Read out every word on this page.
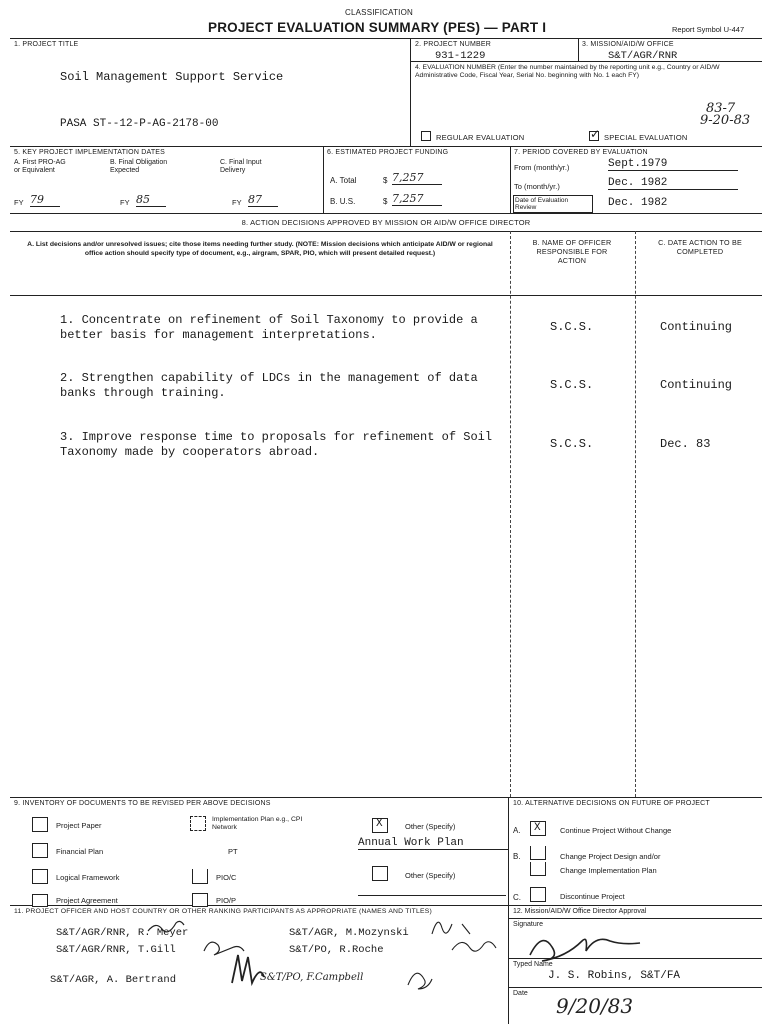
CLASSIFICATION
PROJECT EVALUATION SUMMARY (PES) — PART I	Report Symbol U-447
1. PROJECT TITLE
Soil Management Support Service
PASA ST--12-P-AG-2178-00
2. PROJECT NUMBER
931-1229
3. MISSION/AID/W OFFICE
S&T/AGR/RNR
4. EVALUATION NUMBER (Enter the number maintained by the reporting unit e.g., Country or AID/W Administrative Code, Fiscal Year, Serial No. beginning with No. 1 each FY)
83-7
9-20-83
REGULAR EVALUATION	✓ SPECIAL EVALUATION
5. KEY PROJECT IMPLEMENTATION DATES
A. First PRO-AG or Equivalent
B. Final Obligation Expected
C. Final Input Delivery
FY 79	FY 85	FY 87
6. ESTIMATED PROJECT FUNDING
A. Total	$ 7,257
B. U.S.	$ 7,257
7. PERIOD COVERED BY EVALUATION
From (month/yr.)	Sept.1979
To (month/yr.)	Dec. 1982
Date of Evaluation Review	Dec. 1982
8. ACTION DECISIONS APPROVED BY MISSION OR AID/W OFFICE DIRECTOR
A. List decisions and/or unresolved issues; cite those items needing further study. (NOTE: Mission decisions which anticipate AID/W or regional office action should specify type of document, e.g., airgram, SPAR, PIO, which will present detailed request.)
B. NAME OF OFFICER RESPONSIBLE FOR ACTION
C. DATE ACTION TO BE COMPLETED
1. Concentrate on refinement of Soil Taxonomy to provide a better basis for management interpretations.
S.C.S.	Continuing
2. Strengthen capability of LDCs in the management of data banks through training.
S.C.S.	Continuing
3. Improve response time to proposals for refinement of Soil Taxonomy made by cooperators abroad.
S.C.S.	Dec. 83
9. INVENTORY OF DOCUMENTS TO BE REVISED PER ABOVE DECISIONS
Project Paper
Financial Plan
Logical Framework
Project Agreement
Implementation Plan e.g., CPI Network
PT
PIO/C
PIO/P
X	Other (Specify)
Annual Work Plan
Other (Specify)
10. ALTERNATIVE DECISIONS ON FUTURE OF PROJECT
A. X	Continue Project Without Change
B.	Change Project Design and/or
Change Implementation Plan
C.	Discontinue Project
11. PROJECT OFFICER AND HOST COUNTRY OR OTHER RANKING PARTICIPANTS AS APPROPRIATE (NAMES AND TITLES)
S&T/AGR/RNR, R. Meyer	S&T/AGR, M.Mozynski
S&T/AGR/RNR, T.Gill	S&T/PO, R.Roche
S&T/AGR, A. Bertrand	S&T/PO, F.Campbell
12. Mission/AID/W Office Director Approval
Signature
Typed Name
J. S. Robins, S&T/FA
Date
9/20/83
